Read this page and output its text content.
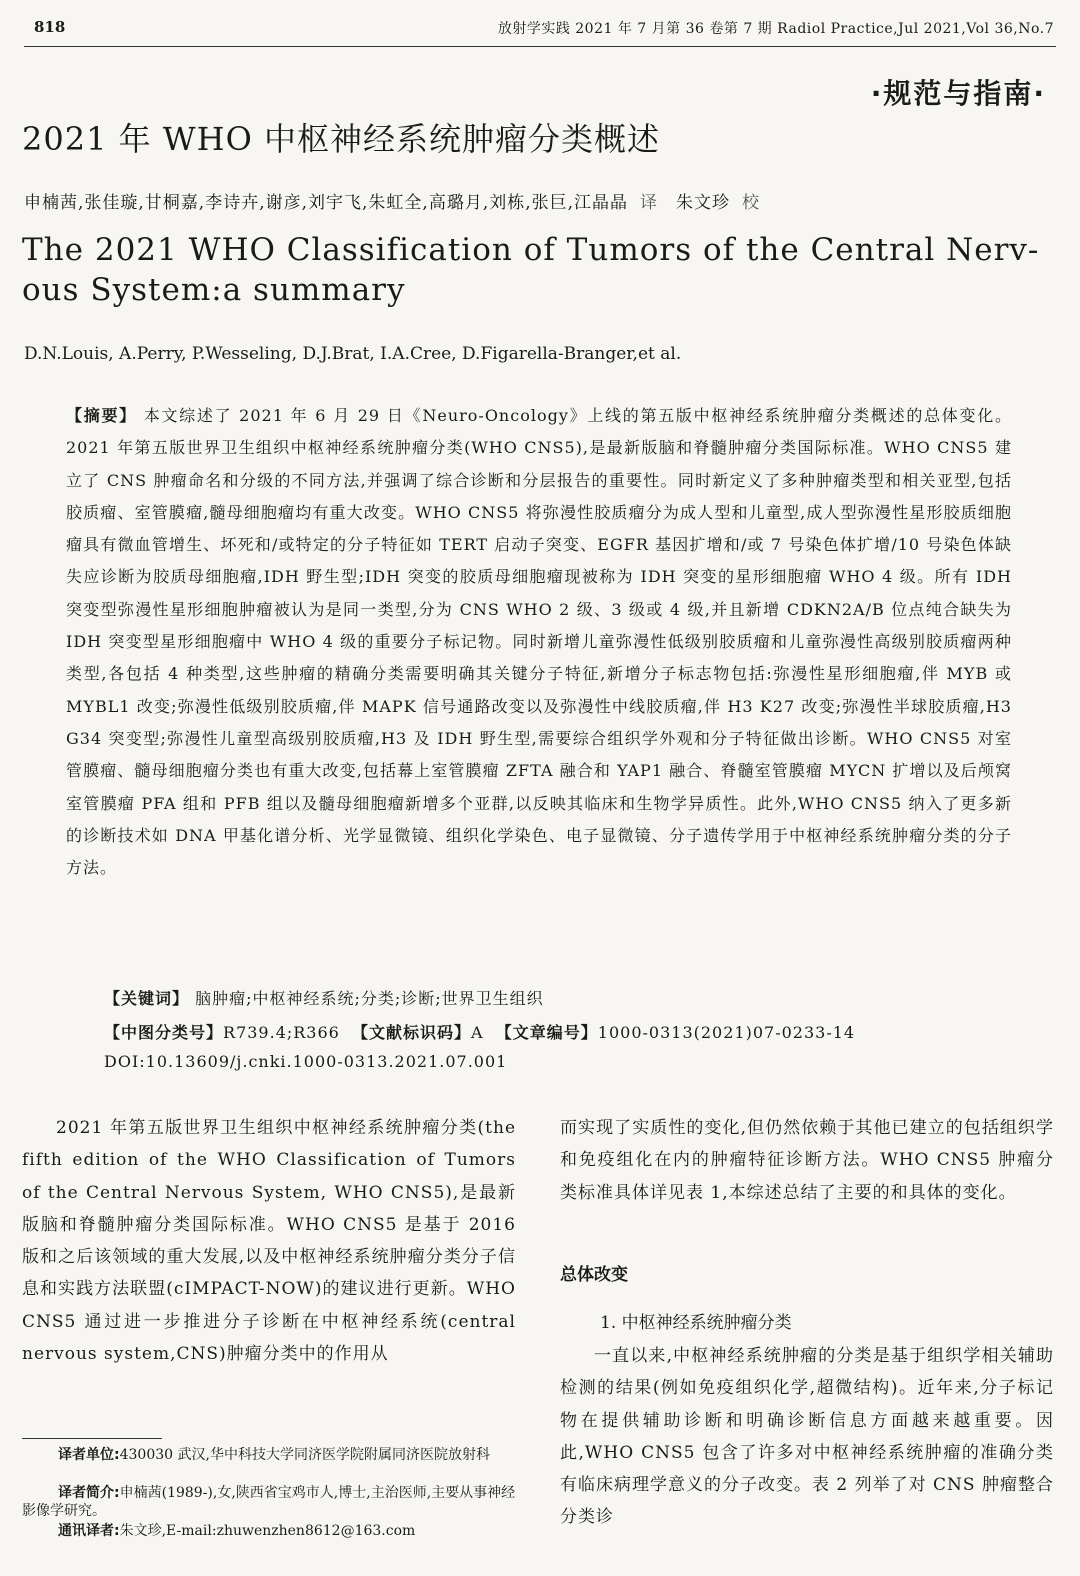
818	放射学实践 2021 年 7 月第 36 卷第 7 期 Radiol Practice,Jul 2021,Vol 36,No.7
·规范与指南·
2021 年 WHO 中枢神经系统肿瘤分类概述
申楠茜,张佳璇,甘桐嘉,李诗卉,谢彦,刘宇飞,朱虹全,高璐月,刘栋,张巨,江晶晶 译 朱文珍 校
The 2021 WHO Classification of Tumors of the Central Nerv-ous System:a summary
D.N.Louis, A.Perry, P.Wesseling, D.J.Brat, I.A.Cree, D.Figarella-Branger,et al.
【摘要】 本文综述了 2021 年 6 月 29 日《Neuro-Oncology》上线的第五版中枢神经系统肿瘤分类概述的总体变化。2021 年第五版世界卫生组织中枢神经系统肿瘤分类(WHO CNS5),是最新版脑和脊髓肿瘤分类国际标准。WHO CNS5 建立了 CNS 肿瘤命名和分级的不同方法,并强调了综合诊断和分层报告的重要性。同时新定义了多种肿瘤类型和相关亚型,包括胶质瘤、室管膜瘤,髓母细胞瘤均有重大改变。WHO CNS5 将弥漫性胶质瘤分为成人型和儿童型,成人型弥漫性星形胶质细胞瘤具有微血管增生、坏死和/或特定的分子特征如 TERT 启动子突变、EGFR 基因扩增和/或 7 号染色体扩增/10 号染色体缺失应诊断为胶质母细胞瘤,IDH 野生型;IDH 突变的胶质母细胞瘤现被称为 IDH 突变的星形细胞瘤 WHO 4 级。所有 IDH 突变型弥漫性星形细胞肿瘤被认为是同一类型,分为 CNS WHO 2 级、3 级或 4 级,并且新增 CDKN2A/B 位点纯合缺失为 IDH 突变型星形细胞瘤中 WHO 4 级的重要分子标记物。同时新增儿童弥漫性低级别胶质瘤和儿童弥漫性高级别胶质瘤两种类型,各包括 4 种类型,这些肿瘤的精确分类需要明确其关键分子特征,新增分子标志物包括:弥漫性星形细胞瘤,伴 MYB 或 MYBL1 改变;弥漫性低级别胶质瘤,伴 MAPK 信号通路改变以及弥漫性中线胶质瘤,伴 H3 K27 改变;弥漫性半球胶质瘤,H3 G34 突变型;弥漫性儿童型高级别胶质瘤,H3 及 IDH 野生型,需要综合组织学外观和分子特征做出诊断。WHO CNS5 对室管膜瘤、髓母细胞瘤分类也有重大改变,包括幕上室管膜瘤 ZFTA 融合和 YAP1 融合、脊髓室管膜瘤 MYCN 扩增以及后颅窝室管膜瘤 PFA 组和 PFB 组以及髓母细胞瘤新增多个亚群,以反映其临床和生物学异质性。此外,WHO CNS5 纳入了更多新的诊断技术如 DNA 甲基化谱分析、光学显微镜、组织化学染色、电子显微镜、分子遗传学用于中枢神经系统肿瘤分类的分子方法。
【关键词】 脑肿瘤;中枢神经系统;分类;诊断;世界卫生组织
【中图分类号】R739.4;R366 【文献标识码】A 【文章编号】1000-0313(2021)07-0233-14
DOI:10.13609/j.cnki.1000-0313.2021.07.001
2021 年第五版世界卫生组织中枢神经系统肿瘤分类(the fifth edition of the WHO Classification of Tumors of the Central Nervous System, WHO CNS5),是最新版脑和脊髓肿瘤分类国际标准。WHO CNS5 是基于 2016 版和之后该领域的重大发展,以及中枢神经系统肿瘤分类分子信息和实践方法联盟(cIMPACT-NOW)的建议进行更新。WHO CNS5 通过进一步推进分子诊断在中枢神经系统(central nervous system,CNS)肿瘤分类中的作用从
而实现了实质性的变化,但仍然依赖于其他已建立的包括组织学和免疫组化在内的肿瘤特征诊断方法。WHO CNS5 肿瘤分类标准具体详见表 1,本综述总结了主要的和具体的变化。
总体改变
1. 中枢神经系统肿瘤分类
一直以来,中枢神经系统肿瘤的分类是基于组织学相关辅助检测的结果(例如免疫组织化学,超微结构)。近年来,分子标记物在提供辅助诊断和明确诊断信息方面越来越重要。因此,WHO CNS5 包含了许多对中枢神经系统肿瘤的准确分类有临床病理学意义的分子改变。表 2 列举了对 CNS 肿瘤整合分类诊
译者单位:430030 武汉,华中科技大学同济医学院附属同济医院放射科
译者简介:申楠茜(1989-),女,陕西省宝鸡市人,博士,主治医师,主要从事神经影像学研究。
通讯译者:朱文珍,E-mail:zhuwenzhen8612@163.com
